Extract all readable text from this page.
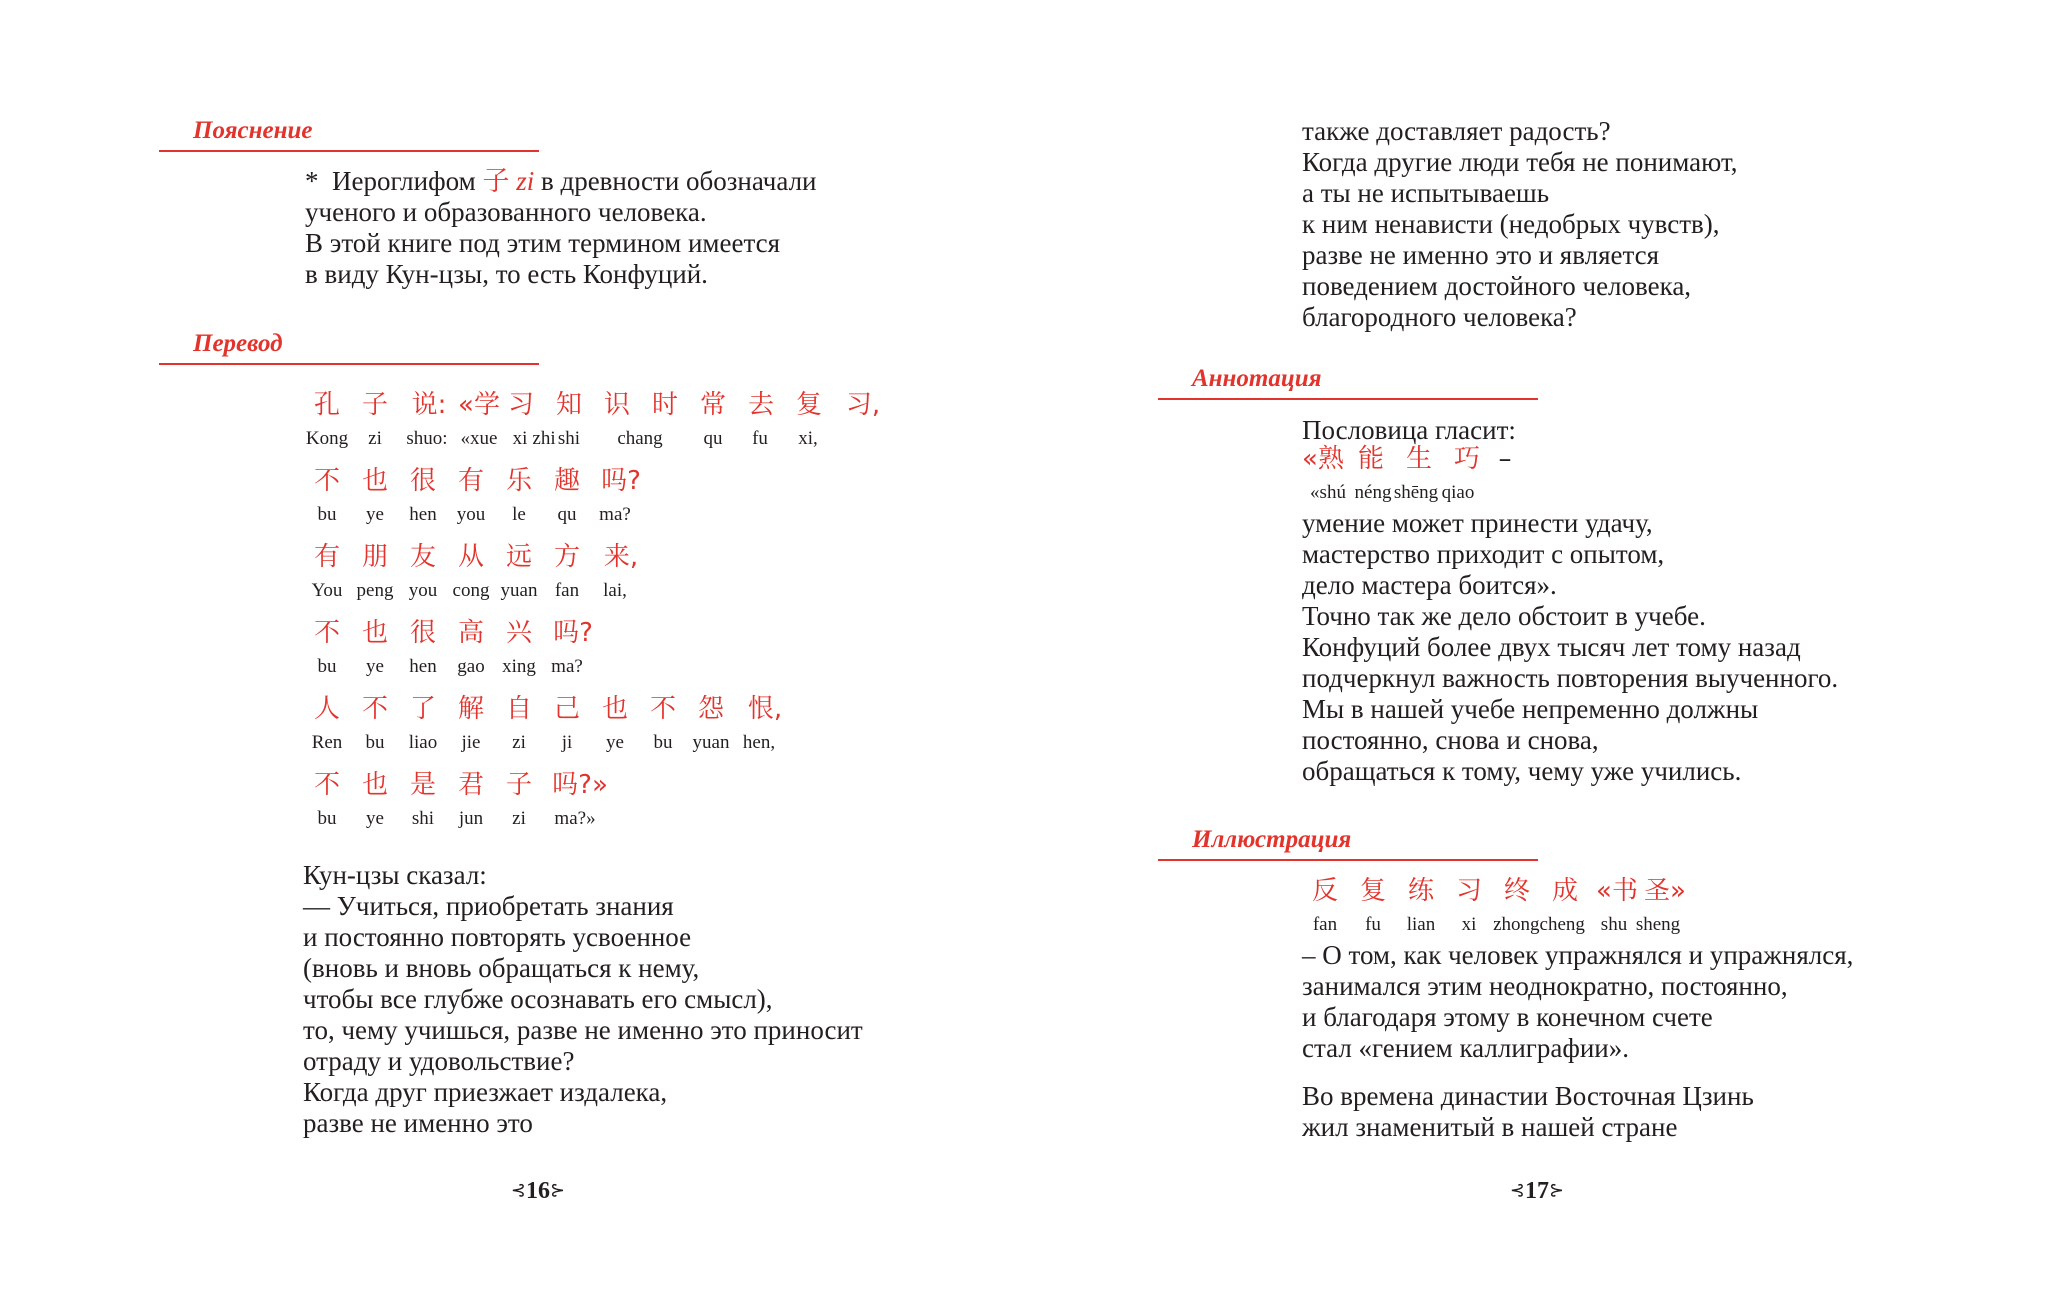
Пояснение
*  Иероглифом 子 zi в древности обозначали
ученого и образованного человека.
В этой книге под этим термином имеется
в виду Кун-цзы, то есть Конфуций.
Перевод
孔 子 说: «学 习 知 识 时 常 去 复 习,
Kong	zi	shuo: «xue xi zhi shi	chang	qu	fu	xi,
不 也 很 有 乐 趣 吗?
bu	ye	hen	you	le	qu	ma?
有 朋 友 从 远 方 来,
You peng you cong yuan fan	lai,
不 也 很 高 兴 吗?
bu	ye	hen	gao xing ma?
人 不 了 解 自 己 也 不 怨 恨,
Ren	bu	liao	jie	zi	ji	ye	bu	yuan hen,
不 也 是 君 子 吗?»
bu	ye	shi	jun	zi	ma?»
Кун-цзы сказал:
— Учиться, приобретать знания
и постоянно повторять усвоенное
(вновь и вновь обращаться к нему,
чтобы все глубже осознавать его смысл),
то, чему учишься, разве не именно это приносит
отраду и удовольствие?
Когда друг приезжает издалека,
разве не именно это
⊰16⊱
также доставляет радость?
Когда другие люди тебя не понимают,
а ты не испытываешь
к ним ненависти (недобрых чувств),
разве не именно это и является
поведением достойного человека,
благородного человека?
Аннотация
Пословица гласит:
«熟 能 生 巧 –
«shú néng shēng qiao
умение может принести удачу,
мастерство приходит с опытом,
дело мастера боится».
Точно так же дело обстоит в учебе.
Конфуций более двух тысяч лет тому назад
подчеркнул важность повторения выученного.
Мы в нашей учебе непременно должны
постоянно, снова и снова,
обращаться к тому, чему уже учились.
Иллюстрация
反 复 练 习 终 成 «书 圣»
fan	fu	lian	xi zhongcheng shu sheng
– О том, как человек упражнялся и упражнялся,
занимался этим неоднократно, постоянно,
и благодаря этому в конечном счете
стал «гением каллиграфии».
Во времена династии Восточная Цзинь
жил знаменитый в нашей стране
⊰17⊱
